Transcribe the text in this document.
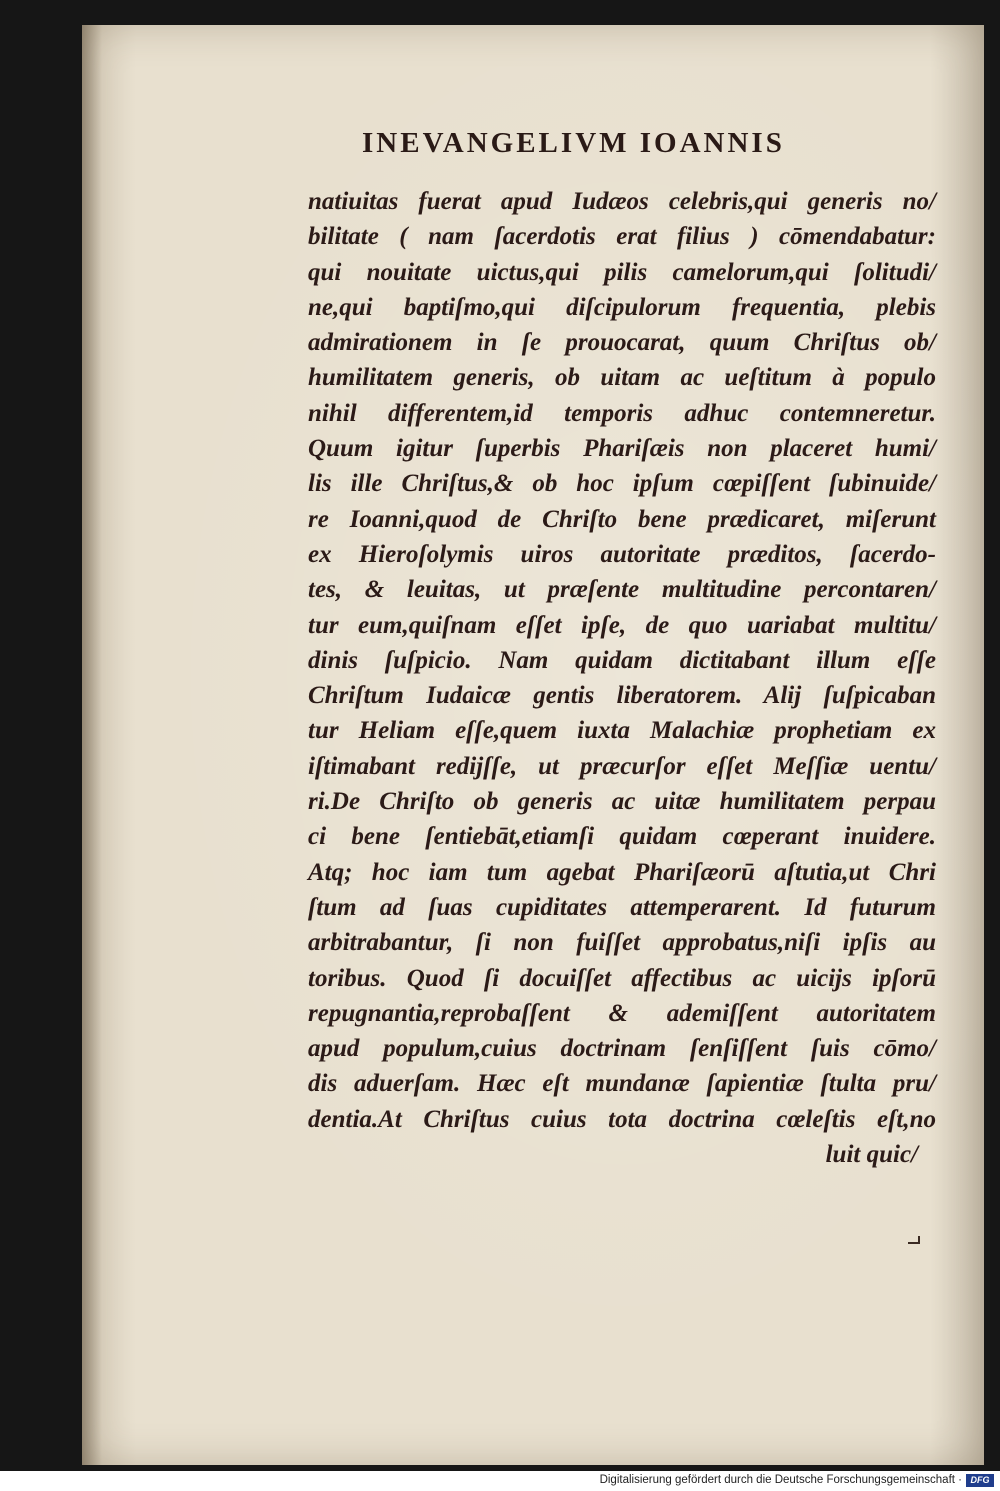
INEVANGELIVM IOANNIS
natiuitas fuerat apud Iudæos celebris,qui generis no/
bilitate ( nam ſacerdotis erat filius ) cōmendabatur:
qui nouitate uictus,qui pilis camelorum,qui ſolitudi/
ne,qui baptiſmo,qui diſcipulorum frequentia, plebis
admirationem in ſe prouocarat, quum Chriſtus ob/
humilitatem generis, ob uitam ac ueſtitum à populo
nihil differentem,id temporis adhuc contemneretur.
Quum igitur ſuperbis Phariſæis non placeret humi/
lis ille Chriſtus,& ob hoc ipſum cœpiſſent ſubinuide/
re Ioanni,quod de Chriſto bene prædicaret, miſerunt
ex Hieroſolymis uiros autoritate præditos, ſacerdo-
tes, & leuitas, ut præſente multitudine percontaren/
tur eum,quiſnam eſſet ipſe, de quo uariabat multitu/
dinis ſuſpicio. Nam quidam dictitabant illum eſſe
Chriſtum Iudaicæ gentis liberatorem. Alij ſuſpicaban
tur Heliam eſſe,quem iuxta Malachiæ prophetiam ex
iſtimabant redijſſe, ut præcurſor eſſet Meſſiæ uentu/
ri.De Chriſto ob generis ac uitæ humilitatem perpau
ci bene ſentiebāt,etiamſi quidam cœperant inuidere.
Atq; hoc iam tum agebat Phariſæorū aſtutia,ut Chri
ſtum ad ſuas cupiditates attemperarent. Id futurum
arbitrabantur, ſi non fuiſſet approbatus,niſi ipſis au
toribus. Quod ſi docuiſſet affectibus ac uicijs ipſorū
repugnantia,reprobaſſent & ademiſſent autoritatem
apud populum,cuius doctrinam ſenſiſſent ſuis cōmo/
dis aduerſam. Hæc eſt mundanæ ſapientiæ ſtulta pru/
dentia.At Chriſtus cuius tota doctrina cœleſtis eſt,no
luit quic/
Digitalisierung gefördert durch die Deutsche Forschungsgemeinschaft · DFG
